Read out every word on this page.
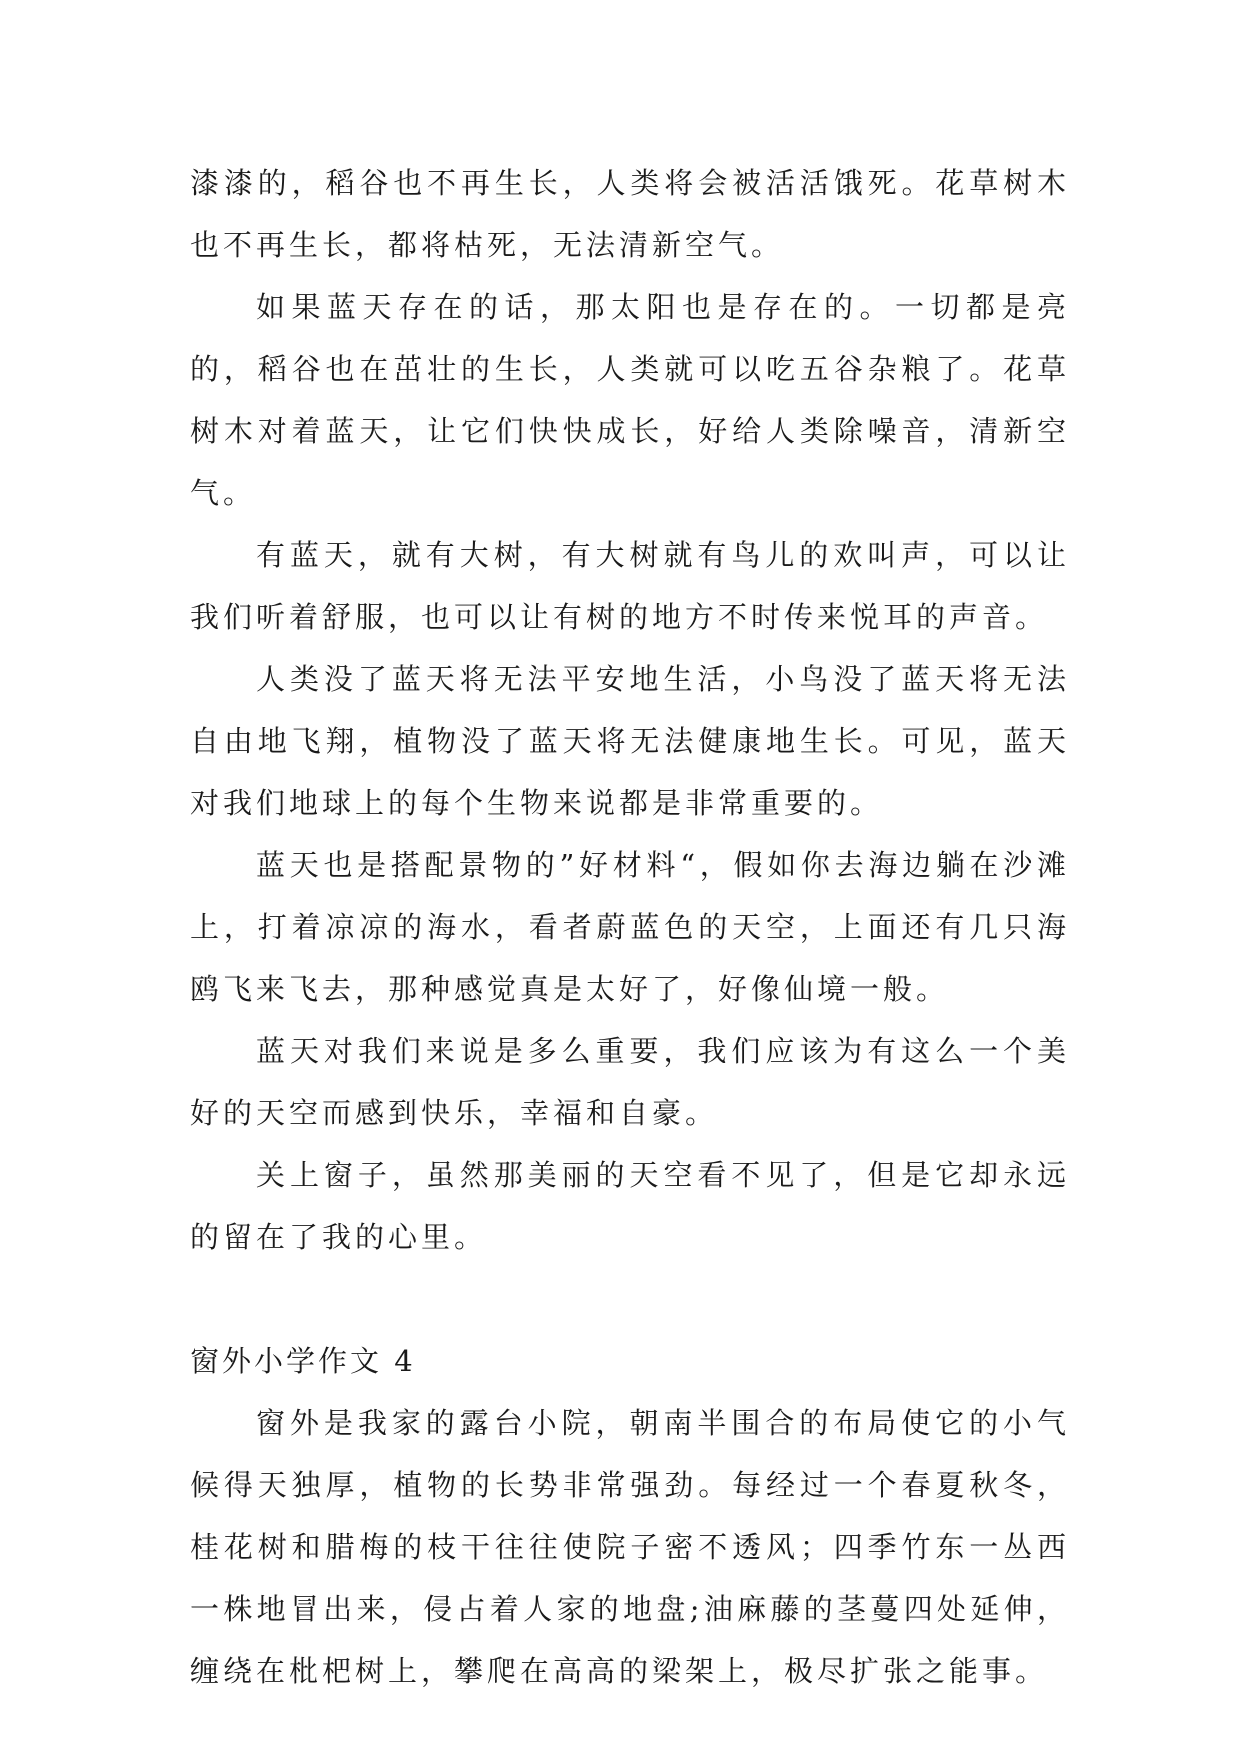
漆漆的，稻谷也不再生长，人类将会被活活饿死。花草树木也不再生长，都将枯死，无法清新空气。

如果蓝天存在的话，那太阳也是存在的。一切都是亮的，稻谷也在茁壮的生长，人类就可以吃五谷杂粮了。花草树木对着蓝天，让它们快快成长，好给人类除噪音，清新空气。

有蓝天，就有大树，有大树就有鸟儿的欢叫声，可以让我们听着舒服，也可以让有树的地方不时传来悦耳的声音。

人类没了蓝天将无法平安地生活，小鸟没了蓝天将无法自由地飞翔，植物没了蓝天将无法健康地生长。可见，蓝天对我们地球上的每个生物来说都是非常重要的。

蓝天也是搭配景物的”好材料“，假如你去海边躺在沙滩上，打着凉凉的海水，看者蔚蓝色的天空，上面还有几只海鸥飞来飞去，那种感觉真是太好了，好像仙境一般。

蓝天对我们来说是多么重要，我们应该为有这么一个美好的天空而感到快乐，幸福和自豪。

关上窗子，虽然那美丽的天空看不见了，但是它却永远的留在了我的心里。

窗外小学作文 4

窗外是我家的露台小院，朝南半围合的布局使它的小气候得天独厚，植物的长势非常强劲。每经过一个春夏秋冬，桂花树和腊梅的枝干往往使院子密不透风；四季竹东一丛西一株地冒出来，侵占着人家的地盘;油麻藤的茎蔓四处延伸，缠绕在枇杷树上，攀爬在高高的梁架上，极尽扩张之能事。
